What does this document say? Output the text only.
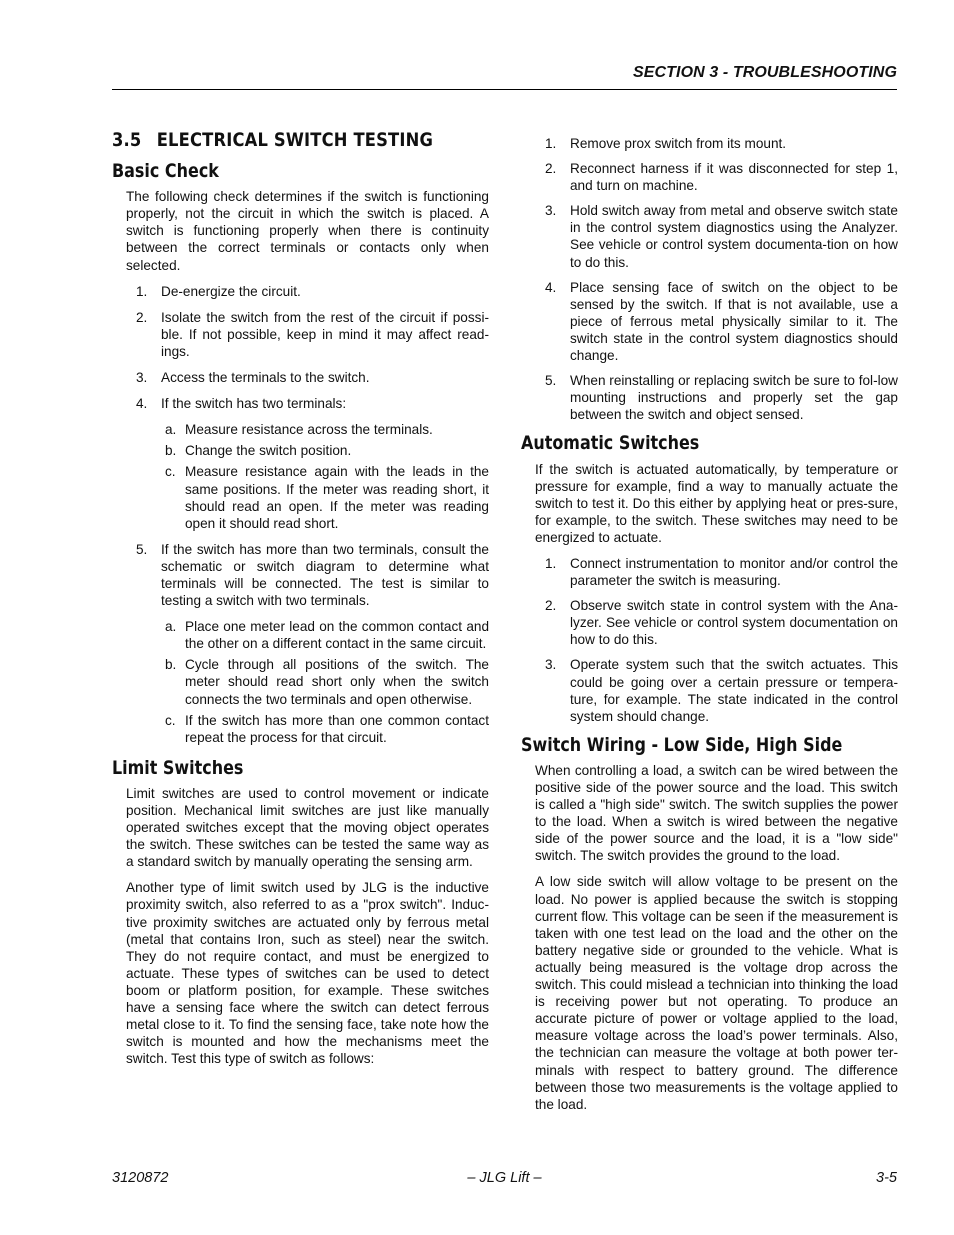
SECTION 3 - TROUBLESHOOTING
3.5 ELECTRICAL SWITCH TESTING
Basic Check

The following check determines if the switch is functioning properly, not the circuit in which the switch is placed. A switch is functioning properly when there is continuity between the correct terminals or contacts only when selected.

1. De-energize the circuit.
2. Isolate the switch from the rest of the circuit if possi-ble. If not possible, keep in mind it may affect read-ings.
3. Access the terminals to the switch.
4. If the switch has two terminals:
a. Measure resistance across the terminals.
b. Change the switch position.
c. Measure resistance again with the leads in the same positions. If the meter was reading short, it should read an open. If the meter was reading open it should read short.
5. If the switch has more than two terminals, consult the schematic or switch diagram to determine what terminals will be connected. The test is similar to testing a switch with two terminals.
a. Place one meter lead on the common contact and the other on a different contact in the same circuit.
b. Cycle through all positions of the switch. The meter should read short only when the switch connects the two terminals and open otherwise.
c. If the switch has more than one common contact repeat the process for that circuit.
Limit Switches

Limit switches are used to control movement or indicate position. Mechanical limit switches are just like manually operated switches except that the moving object operates the switch. These switches can be tested the same way as a standard switch by manually operating the sensing arm.

Another type of limit switch used by JLG is the inductive proximity switch, also referred to as a "prox switch". Induc-tive proximity switches are actuated only by ferrous metal (metal that contains Iron, such as steel) near the switch. They do not require contact, and must be energized to actuate. These types of switches can be used to detect boom or platform position, for example. These switches have a sensing face where the switch can detect ferrous metal close to it. To find the sensing face, take note how the switch is mounted and how the mechanisms meet the switch. Test this type of switch as follows:

1. Remove prox switch from its mount.
2. Reconnect harness if it was disconnected for step 1, and turn on machine.
3. Hold switch away from metal and observe switch state in the control system diagnostics using the Analyzer. See vehicle or control system documenta-tion on how to do this.
4. Place sensing face of switch on the object to be sensed by the switch. If that is not available, use a piece of ferrous metal physically similar to it. The switch state in the control system diagnostics should change.
5. When reinstalling or replacing switch be sure to fol-low mounting instructions and properly set the gap between the switch and object sensed.
Automatic Switches

If the switch is actuated automatically, by temperature or pressure for example, find a way to manually actuate the switch to test it. Do this either by applying heat or pres-sure, for example, to the switch. These switches may need to be energized to actuate.

1. Connect instrumentation to monitor and/or control the parameter the switch is measuring.
2. Observe switch state in control system with the Ana-lyzer. See vehicle or control system documentation on how to do this.
3. Operate system such that the switch actuates. This could be going over a certain pressure or tempera-ture, for example. The state indicated in the control system should change.
Switch Wiring - Low Side, High Side

When controlling a load, a switch can be wired between the positive side of the power source and the load. This switch is called a "high side" switch. The switch supplies the power to the load. When a switch is wired between the negative side of the power source and the load, it is a "low side" switch. The switch provides the ground to the load.

A low side switch will allow voltage to be present on the load. No power is applied because the switch is stopping current flow. This voltage can be seen if the measurement is taken with one test lead on the load and the other on the battery negative side or grounded to the vehicle. What is actually being measured is the voltage drop across the switch. This could mislead a technician into thinking the load is receiving power but not operating. To produce an accurate picture of power or voltage applied to the load, measure voltage across the load’s power terminals. Also, the technician can measure the voltage at both power ter-minals with respect to battery ground. The difference between those two measurements is the voltage applied to the load.

3120872	– JLG Lift –	3-5
